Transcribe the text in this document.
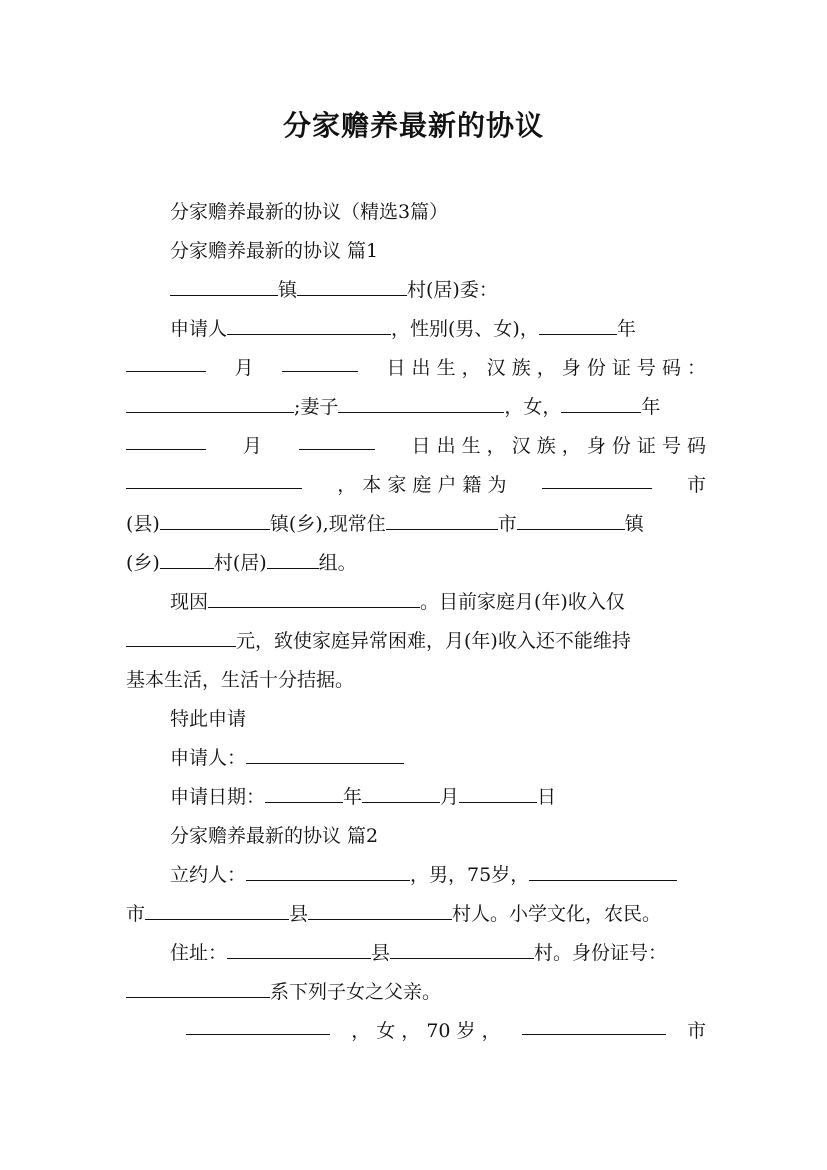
分家赡养最新的协议
分家赡养最新的协议（精选3篇）
分家赡养最新的协议 篇1
镇	村(居)委：
申请人	，性别(男、女)，	年
月	日 出 生 ， 汉 族 ， 身 份 证 号 码 ：
;妻子	，女，	年
月	日 出 生 ， 汉 族 ， 身 份 证 号 码
， 本 家 庭 户 籍 为	市
(县)	镇(乡),现常住	市	镇
(乡)	村(居)	组。
现因	。目前家庭月(年)收入仅
元，致使家庭异常困难，月(年)收入还不能维持
基本生活，生活十分拮据。
特此申请
申请人：
申请日期：	年	月	日
分家赡养最新的协议 篇2
立约人：	，男，75岁，
市	县	村人。小学文化，农民。
住址：	县	村。身份证号：
系下列子女之父亲。
， 女 ， 70 岁 ，	市
